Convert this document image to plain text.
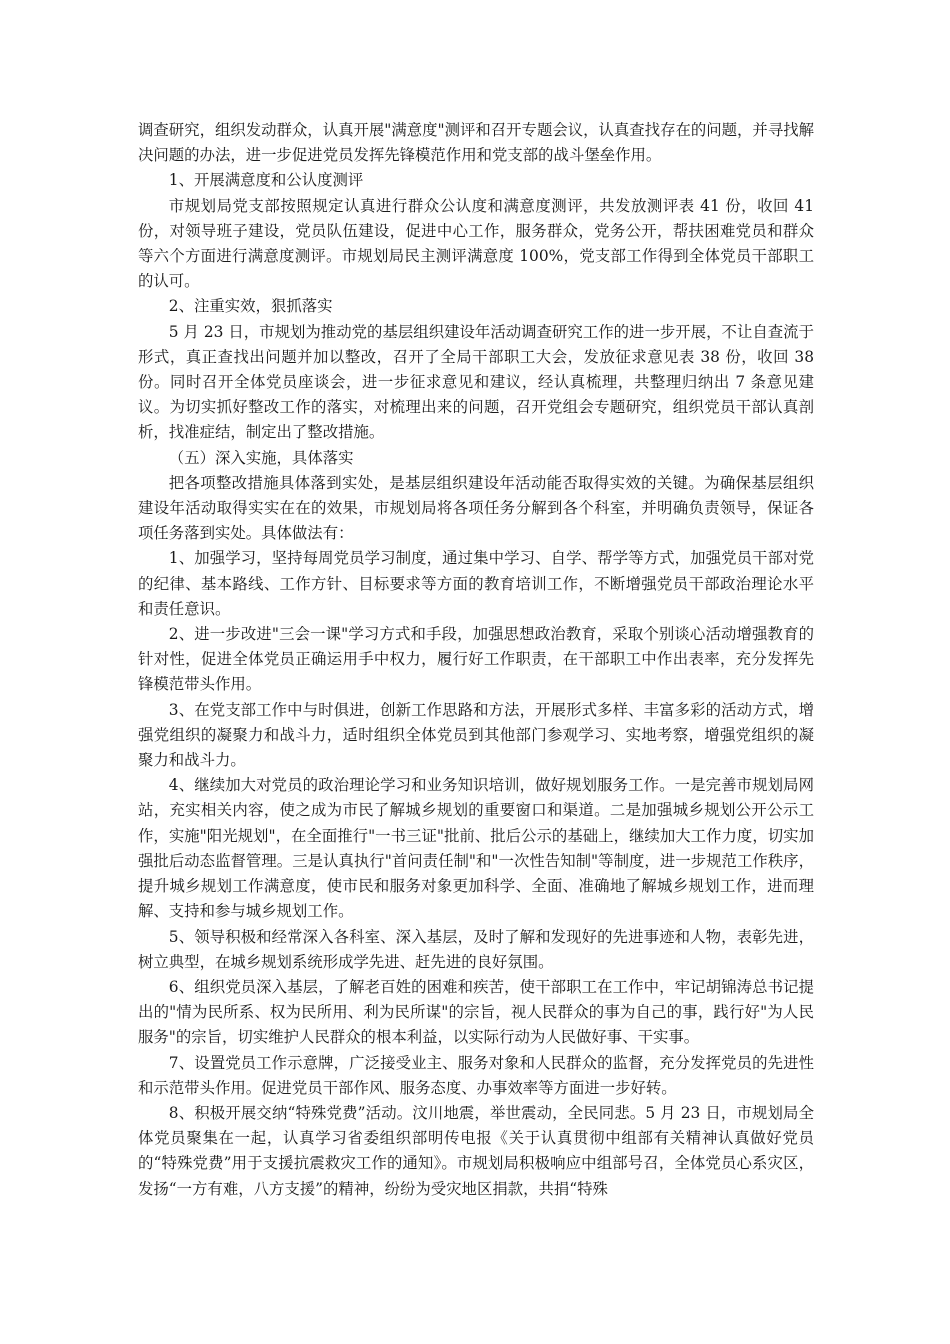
调查研究，组织发动群众，认真开展"满意度"测评和召开专题会议，认真查找存在的问题，并寻找解决问题的办法，进一步促进党员发挥先锋模范作用和党支部的战斗堡垒作用。

1、开展满意度和公认度测评

市规划局党支部按照规定认真进行群众公认度和满意度测评，共发放测评表 41 份，收回 41 份，对领导班子建设，党员队伍建设，促进中心工作，服务群众，党务公开，帮扶困难党员和群众等六个方面进行满意度测评。市规划局民主测评满意度 100%，党支部工作得到全体党员干部职工的认可。

2、注重实效，狠抓落实

5 月 23 日，市规划为推动党的基层组织建设年活动调查研究工作的进一步开展，不让自查流于形式，真正查找出问题并加以整改，召开了全局干部职工大会，发放征求意见表 38 份，收回 38 份。同时召开全体党员座谈会，进一步征求意见和建议，经认真梳理，共整理归纳出 7 条意见建议。为切实抓好整改工作的落实，对梳理出来的问题，召开党组会专题研究，组织党员干部认真剖析，找准症结，制定出了整改措施。

（五）深入实施，具体落实

把各项整改措施具体落到实处，是基层组织建设年活动能否取得实效的关键。为确保基层组织建设年活动取得实实在在的效果，市规划局将各项任务分解到各个科室，并明确负责领导，保证各项任务落到实处。具体做法有：

1、加强学习，坚持每周党员学习制度，通过集中学习、自学、帮学等方式，加强党员干部对党的纪律、基本路线、工作方针、目标要求等方面的教育培训工作，不断增强党员干部政治理论水平和责任意识。

2、进一步改进"三会一课"学习方式和手段，加强思想政治教育，采取个别谈心活动增强教育的针对性，促进全体党员正确运用手中权力，履行好工作职责，在干部职工中作出表率，充分发挥先锋模范带头作用。

3、在党支部工作中与时俱进，创新工作思路和方法，开展形式多样、丰富多彩的活动方式，增强党组织的凝聚力和战斗力，适时组织全体党员到其他部门参观学习、实地考察，增强党组织的凝聚力和战斗力。

4、继续加大对党员的政治理论学习和业务知识培训，做好规划服务工作。一是完善市规划局网站，充实相关内容，使之成为市民了解城乡规划的重要窗口和渠道。二是加强城乡规划公开公示工作，实施"阳光规划"，在全面推行"一书三证"批前、批后公示的基础上，继续加大工作力度，切实加强批后动态监督管理。三是认真执行"首问责任制"和"一次性告知制"等制度，进一步规范工作秩序，提升城乡规划工作满意度，使市民和服务对象更加科学、全面、准确地了解城乡规划工作，进而理解、支持和参与城乡规划工作。

5、领导积极和经常深入各科室、深入基层，及时了解和发现好的先进事迹和人物，表彰先进，树立典型，在城乡规划系统形成学先进、赶先进的良好氛围。

6、组织党员深入基层，了解老百姓的困难和疾苦，使干部职工在工作中，牢记胡锦涛总书记提出的"情为民所系、权为民所用、利为民所谋"的宗旨，视人民群众的事为自己的事，践行好"为人民服务"的宗旨，切实维护人民群众的根本利益，以实际行动为人民做好事、干实事。

7、设置党员工作示意牌，广泛接受业主、服务对象和人民群众的监督，充分发挥党员的先进性和示范带头作用。促进党员干部作风、服务态度、办事效率等方面进一步好转。

8、积极开展交纳“特殊党费”活动。汶川地震，举世震动，全民同悲。5 月 23 日，市规划局全体党员聚集在一起，认真学习省委组织部明传电报《关于认真贯彻中组部有关精神认真做好党员的“特殊党费”用于支援抗震救灾工作的通知》。市规划局积极响应中组部号召，全体党员心系灾区，发扬“一方有难，八方支援”的精神，纷纷为受灾地区捐款，共捐“特殊
